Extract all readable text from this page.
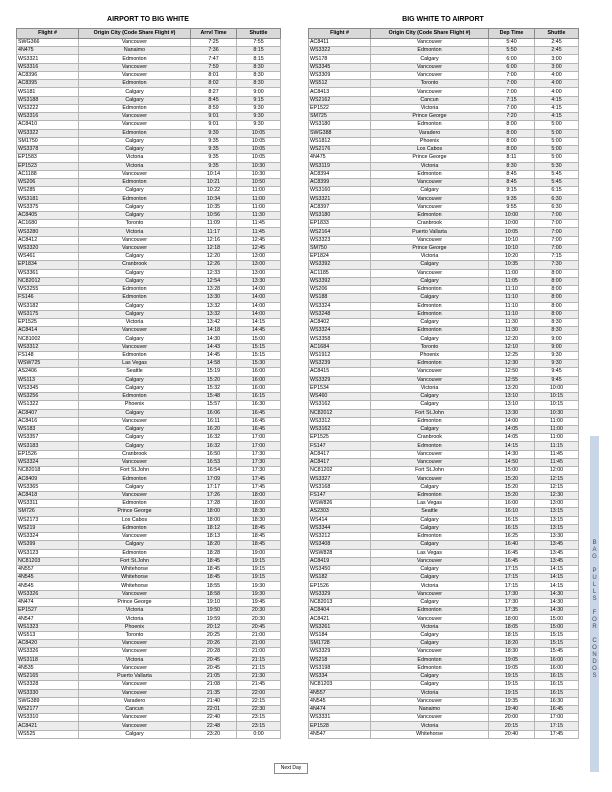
AIRPORT TO BIG WHITE
Flight #	Origin City (Code Share Flight #)	Arrvl Time	Shuttle
SWG366	Vancouver	7:25	7:55
4N475	Nanaimo	7:36	8:15
WS3321	Edmonton	7:47	8:15
WS3316	Vancouver	7:59	8:30
AC8396	Vancouver	8:01	8:30
AC8395	Edmonton	8:02	8:30
WS181	Calgary	8:27	9:00
WS3188	Calgary	8:45	9:15
WS3222	Edmonton	8:59	9:30
WS3316	Vancouver	9:01	9:30
AC8410	Vancouver	9:01	9:30
WS3322	Edmonton	9:39	10:05
SM1750	Calgary	9:35	10:05
WS3378	Calgary	9:35	10:05
EP1583	Victoria	9:35	10:05
EP1523	Victoria	9:35	10:30
AC1188	Vancouver	10:14	10:30
WS206	Edmonton	10:21	10:50
WS285	Calgary	10:22	11:00
WS3181	Edmonton	10:34	11:00
WS3375	Calgary	10:35	11:00
AC8405	Calgary	10:56	11:30
AC1680	Toronto	11:09	11:45
WS3280	Victoria	11:17	11:45
AC8412	Vancouver	12:16	12:45
WS3320	Vancouver	12:18	12:45
WS461	Calgary	12:20	13:00
EP1834	Cranbrook	12:26	13:00
WS3361	Calgary	12:33	13:00
NC82012	Calgary	12:54	13:30
WS3255	Edmonton	13:28	14:00
FS146	Edmonton	13:30	14:00
WS3182	Calgary	13:32	14:00
WS3175	Calgary	13:32	14:00
EP1525	Victoria	13:42	14:15
AC8414	Vancouver	14:18	14:45
NC81002	Calgary	14:30	15:00
WS3312	Vancouver	14:43	15:15
FS148	Edmonton	14:45	15:15
WSW725	Las Vegas	14:58	15:30
AS2406	Seattle	15:19	16:00
WS113	Calgary	15:20	16:00
WS3345	Calgary	15:32	16:00
WS3256	Edmonton	15:48	16:15
WS1322	Phoenix	15:57	16:30
AC8407	Calgary	16:06	16:45
AC8416	Vancouver	16:11	16:45
WS183	Calgary	16:20	16:45
WS3357	Calgary	16:32	17:00
WS3183	Calgary	16:32	17:00
EP1526	Cranbrook	16:50	17:30
WS3324	Vancouver	16:53	17:30
NC82018	Fort St.John	16:54	17:30
AC8409	Edmonton	17:09	17:45
WS3365	Calgary	17:17	17:45
AC8418	Vancouver	17:26	18:00
WS3311	Edmonton	17:28	18:00
SM726	Prince George	18:00	18:30
WS2173	Los Cabos	18:00	18:30
WS219	Edmonton	18:12	18:45
WS3324	Vancouver	18:13	18:45
WS399	Calgary	18:20	18:45
WS3123	Edmonton	18:28	19:00
NC81203	Fort St.John	18:45	19:15
4N557	Whitehorse	18:45	19:15
4N545	Whitehorse	18:45	19:15
4N545	Whitehorse	18:55	19:30
WS3326	Vancouver	18:58	19:30
4N474	Prince George	19:10	19:45
EP1527	Victoria	19:50	20:30
4N547	Victoria	19:59	20:30
WS1323	Phoenix	20:12	20:45
WS513	Toronto	20:25	21:00
AC8420	Vancouver	20:26	21:00
WS3326	Vancouver	20:28	21:00
WS3118	Victoria	20:45	21:15
4N535	Vancouver	20:45	21:15
WS2165	Puerto Vallarta	21:05	21:30
WS3328	Vancouver	21:08	21:45
WS3330	Vancouver	21:35	22:00
SWG389	Varadero	21:40	22:15
WS2177	Cancun	22:01	22:30
WS3310	Vancouver	22:40	23:15
AC8421	Vancouver	22:48	23:15
WS525	Calgary	23:20	0:00
BIG WHITE TO AIRPORT
Flight #	Origin City (Code Share Flight #)	Dep Time	Shuttle
AC8411	Vancouver	5:40	2:45
WS3322	Edmonton	5:50	2:45
WS178	Calgary	6:00	3:00
WS3345	Vancouver	6:00	3:00
WS3309	Vancouver	7:00	4:00
WS512	Toronto	7:00	4:00
AC8413	Vancouver	7:00	4:00
WS2162	Cancun	7:15	4:15
EP1522	Victoria	7:00	4:15
SM725	Prince George	7:20	4:15
WS3180	Edmonton	8:00	5:00
SWG388	Varadero	8:00	5:00
WS1812	Phoenix	8:00	5:00
WS2176	Los Cabos	8:00	5:00
4N475	Prince George	8:11	5:00
WS3119	Victoria	8:30	5:30
AC8394	Edmonton	8:45	5:45
AC8399	Vancouver	8:45	5:45
WS3160	Calgary	9:15	6:15
WS3321	Vancouver	9:35	6:30
AC8397	Vancouver	9:55	6:30
WS3180	Edmonton	10:00	7:00
EP1833	Cranbrook	10:00	7:00
WS2164	Puerto Vallarta	10:05	7:00
WS3323	Vancouver	10:10	7:00
SM750	Prince George	10:10	7:00
EP1824	Victoria	10:20	7:15
WS3392	Calgary	10:35	7:30
AC1185	Vancouver	11:00	8:00
WS3392	Calgary	11:05	8:00
WS206	Edmonton	11:10	8:00
WS188	Calgary	11:10	8:00
WS3324	Edmonton	11:10	8:00
WS3248	Edmonton	11:10	8:00
AC8402	Calgary	11:30	8:30
WS3324	Edmonton	11:30	8:30
WS3358	Calgary	12:20	9:00
AC1684	Toronto	12:10	9:00
WS1912	Phoenix	12:25	9:30
WS3239	Edmonton	12:30	9:30
AC8415	Vancouver	12:50	9:45
WS3329	Vancouver	12:55	9:45
EP1534	Victoria	13:20	10:00
WS460	Calgary	13:10	10:15
WS3162	Calgary	13:10	10:15
NC82012	Fort St.John	13:30	10:30
WS3312	Edmonton	14:00	11:00
WS3162	Calgary	14:05	11:00
EP1525	Cranbrook	14:05	11:00
FS147	Edmonton	14:15	11:15
AC8417	Vancouver	14:30	11:45
AC8417	Vancouver	14:50	11:45
NC81202	Fort St.John	15:00	12:00
WS3327	Vancouver	15:20	12:15
WS3168	Calgary	15:20	12:15
FS147	Edmonton	15:20	12:30
WSW826	Las Vegas	16:00	13:00
AS2303	Seattle	16:10	13:15
WS414	Calgary	16:15	13:15
WS3344	Calgary	16:15	13:15
WS3212	Edmonton	16:25	13:30
WS3408	Calgary	16:40	13:45
WSW828	Las Vegas	16:45	13:45
AC8419	Vancouver	16:45	13:45
WS3450	Calgary	17:15	14:15
WS182	Calgary	17:15	14:15
EP1526	Victoria	17:15	14:15
WS3329	Vancouver	17:30	14:30
NC82013	Calgary	17:30	14:30
AC8404	Edmonton	17:35	14:30
AC8421	Vancouver	18:00	15:00
WS3261	Victoria	18:05	15:00
WS184	Calgary	18:15	15:15
SM1728	Calgary	18:20	15:15
WS3329	Vancouver	18:30	15:45
WS218	Edmonton	19:05	16:00
WS3198	Edmonton	19:05	16:00
WS334	Calgary	19:15	16:15
NC81203	Calgary	19:15	16:15
4N557	Victoria	19:15	16:15
4N545	Vancouver	19:35	16:30
4N474	Nanaimo	19:40	16:45
WS3331	Vancouver	20:00	17:00
EP1528	Victoria	20:15	17:15
4N547	Whitehorse	20:40	17:45
Next Day
B
A
G

P
U
L
L
S

F
O
R

C
O
N
D
O
S
